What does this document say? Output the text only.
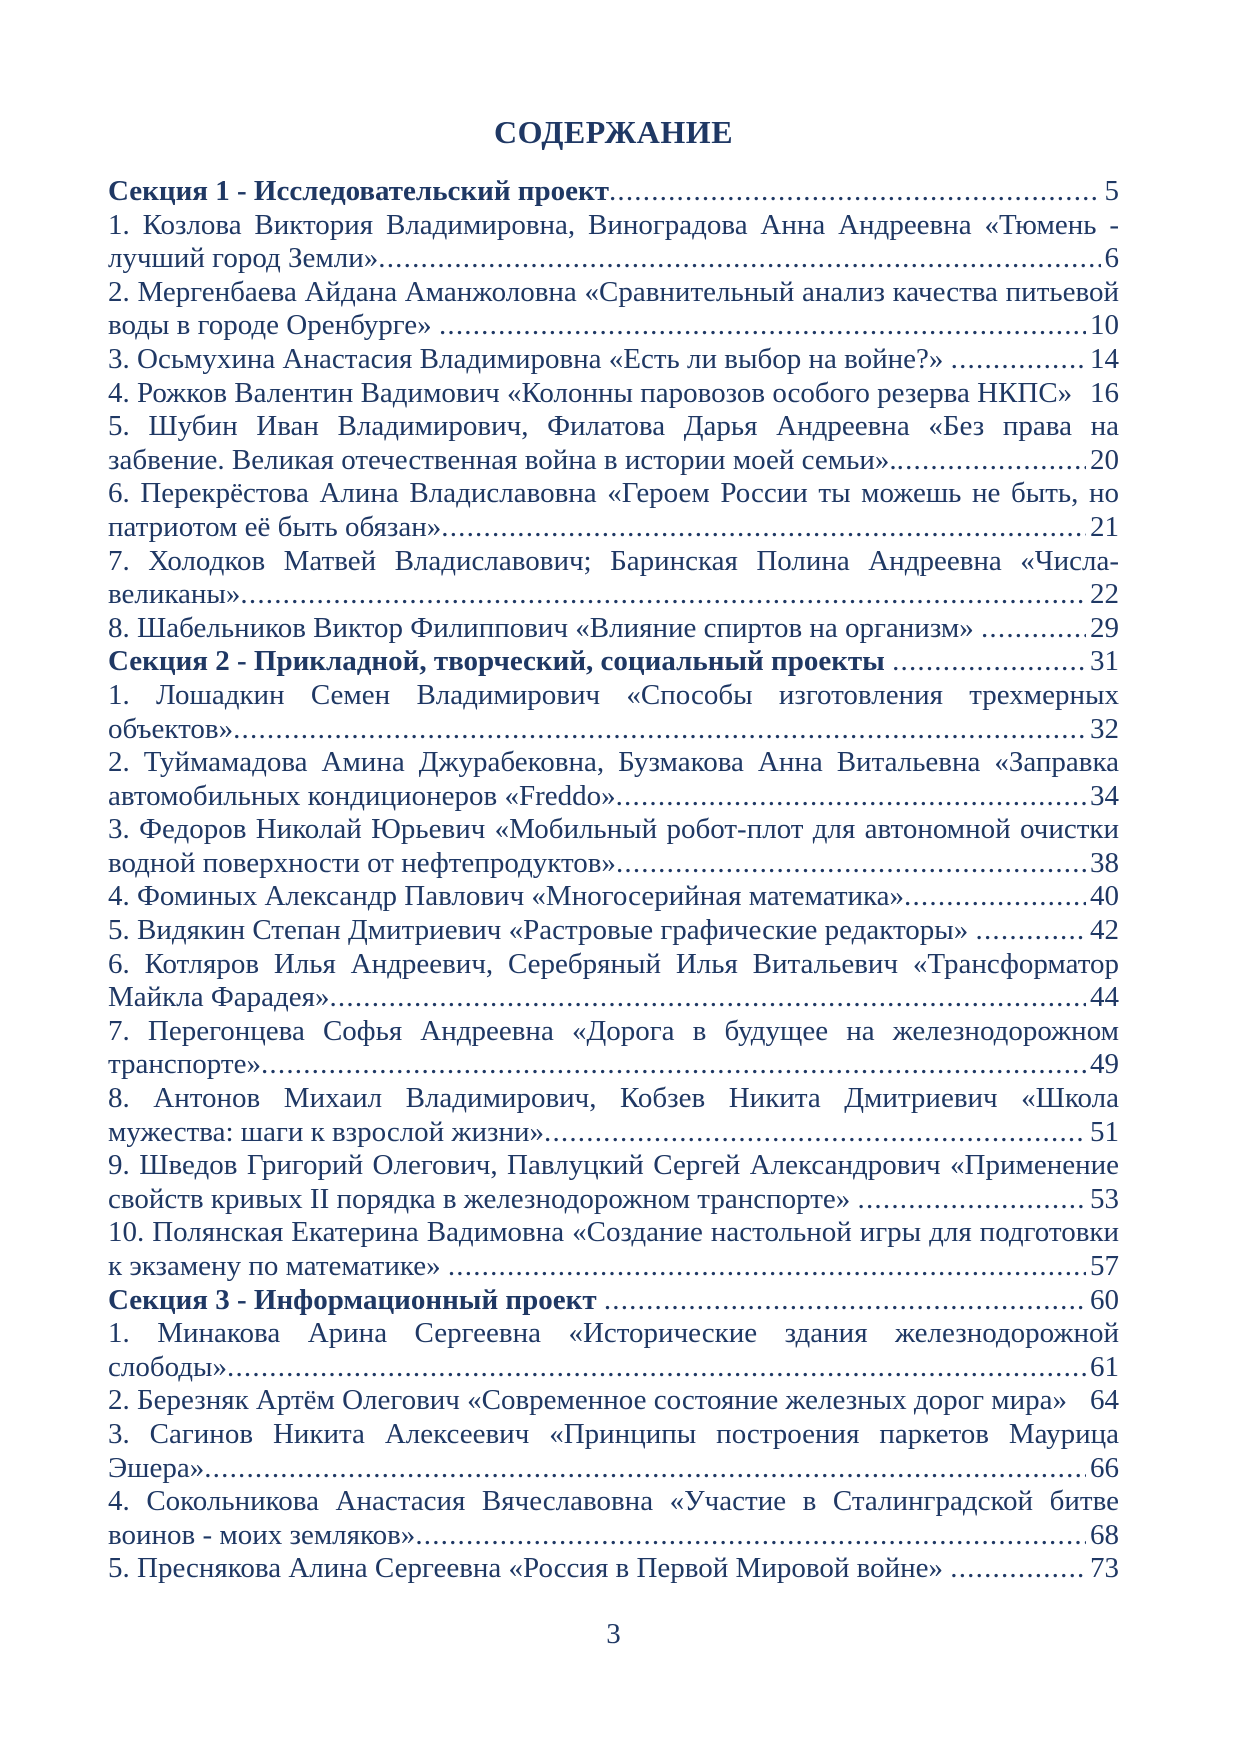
СОДЕРЖАНИЕ
Секция 1 - Исследовательский проект .....	5
1. Козлова Виктория Владимировна, Виноградова Анна Андреевна «Тюмень -
лучший город Земли» .....	6
2. Мергенбаева Айдана Аманжоловна «Сравнительный анализ качества питьевой
воды в городе Оренбурге» .....	10
3. Осьмухина Анастасия Владимировна «Есть ли выбор на войне?» .....	14
4. Рожков Валентин Вадимович «Колонны паровозов особого резерва НКПС» 16
5. Шубин Иван Владимирович, Филатова Дарья Андреевна «Без права на
забвение. Великая отечественная война в истории моей семьи». .....	20
6. Перекрёстова Алина Владиславовна «Героем России ты можешь не быть, но
патриотом её быть обязан» .....	21
7. Холодков Матвей Владиславович; Баринская Полина Андреевна «Числа-
великаны» .....	22
8. Шабельников Виктор Филиппович «Влияние спиртов на организм» .....	29
Секция 2 - Прикладной, творческий, социальный проекты .....	31
1. Лошадкин Семен Владимирович «Способы изготовления трехмерных
объектов» .....	32
2. Туймамадова Амина Джурабековна, Бузмакова Анна Витальевна «Заправка
автомобильных кондиционеров «Freddo» .....	34
3. Федоров Николай Юрьевич «Мобильный робот-плот для автономной очистки
водной поверхности от нефтепродуктов» .....	38
4. Фоминых Александр Павлович «Многосерийная математика» .....	40
5. Видякин Степан Дмитриевич «Растровые графические редакторы» .....	42
6. Котляров Илья Андреевич, Серебряный Илья Витальевич «Трансформатор
Майкла Фарадея» .....	44
7. Перегонцева Софья Андреевна «Дорога в будущее на железнодорожном
транспорте» .....	49
8. Антонов Михаил Владимирович, Кобзев Никита Дмитриевич «Школа
мужества: шаги к взрослой жизни» .....	51
9. Шведов Григорий Олегович, Павлуцкий Сергей Александрович «Применение
свойств кривых II порядка в железнодорожном транспорте» .....	53
10. Полянская Екатерина Вадимовна «Создание настольной игры для подготовки
к экзамену по математике» .....	57
Секция 3 - Информационный проект .....	60
1. Минакова Арина Сергеевна «Исторические здания железнодорожной
слободы» .....	61
2. Березняк Артём Олегович «Современное состояние железных дорог мира» 64
3. Сагинов Никита Алексеевич «Принципы построения паркетов Маурица
Эшера» .....	66
4. Сокольникова Анастасия Вячеславовна «Участие в Сталинградской битве
воинов - моих земляков» .....	68
5. Преснякова Алина Сергеевна «Россия в Первой Мировой войне» .....	73
3
